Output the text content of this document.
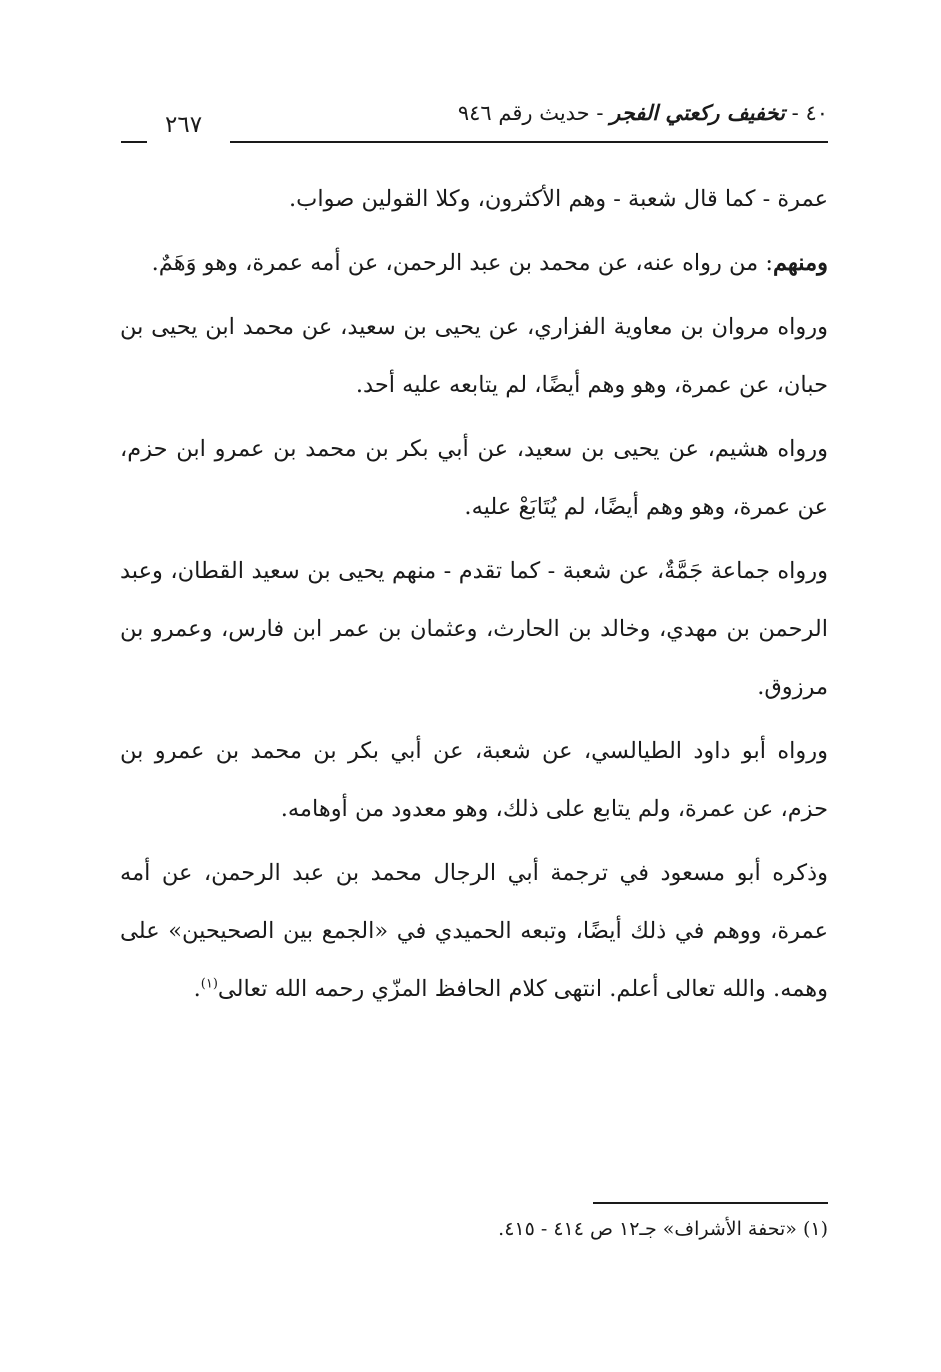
٤٠ - تخفيف ركعتي الفجر - حديث رقم ٩٤٦
٢٦٧

عمرة - كما قال شعبة - وهم الأكثرون، وكلا القولين صواب.

ومنهم: من رواه عنه، عن محمد بن عبد الرحمن، عن أمه عمرة، وهو وَهَمٌ.

ورواه مروان بن معاوية الفزاري، عن يحيى بن سعيد، عن محمد ابن يحيى بن حبان، عن عمرة، وهو وهم أيضًا، لم يتابعه عليه أحد.

ورواه هشيم، عن يحيى بن سعيد، عن أبي بكر بن محمد بن عمرو ابن حزم، عن عمرة، وهو وهم أيضًا، لم يُتَابَعْ عليه.

ورواه جماعة جَمَّةٌ، عن شعبة - كما تقدم - منهم يحيى بن سعيد القطان، وعبد الرحمن بن مهدي، وخالد بن الحارث، وعثمان بن عمر ابن فارس، وعمرو بن مرزوق.

ورواه أبو داود الطيالسي، عن شعبة، عن أبي بكر بن محمد بن عمرو بن حزم، عن عمرة، ولم يتابع على ذلك، وهو معدود من أوهامه.

وذكره أبو مسعود في ترجمة أبي الرجال محمد بن عبد الرحمن، عن أمه عمرة، ووهم في ذلك أيضًا، وتبعه الحميدي في «الجمع بين الصحيحين» على وهمه. والله تعالى أعلم. انتهى كلام الحافظ المزّي رحمه الله تعالى$^{(١)}$.

(١) «تحفة الأشراف» جـ١٢ ص ٤١٤ - ٤١٥.
